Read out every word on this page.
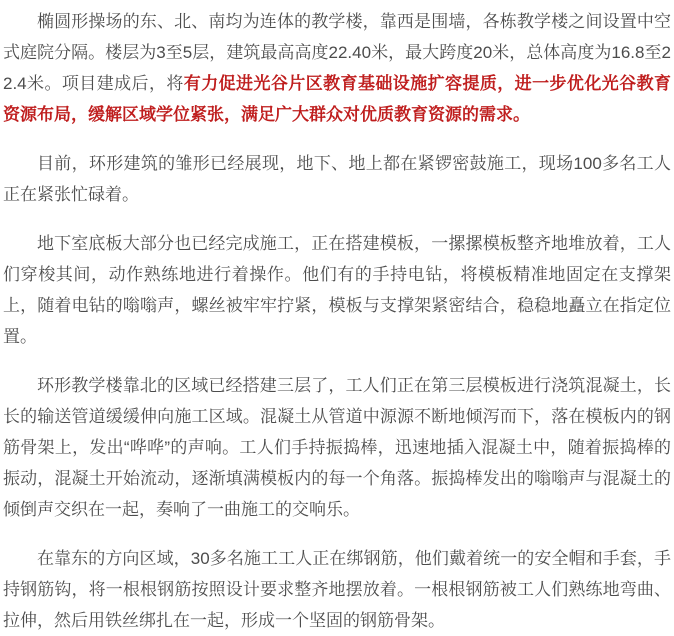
椭圆形操场的东、北、南均为连体的教学楼，靠西是围墙，各栋教学楼之间设置中空式庭院分隔。楼层为3至5层，建筑最高高度22.40米，最大跨度20米，总体高度为16.8至22.4米。项目建成后，将有力促进光谷片区教育基础设施扩容提质，进一步优化光谷教育资源布局，缓解区域学位紧张，满足广大群众对优质教育资源的需求。

目前，环形建筑的雏形已经展现，地下、地上都在紧锣密鼓施工，现场100多名工人正在紧张忙碌着。

地下室底板大部分也已经完成施工，正在搭建模板，一摞摞模板整齐地堆放着，工人们穿梭其间，动作熟练地进行着操作。他们有的手持电钻，将模板精准地固定在支撑架上，随着电钻的嗡嗡声，螺丝被牢牢拧紧，模板与支撑架紧密结合，稳稳地矗立在指定位置。

环形教学楼靠北的区域已经搭建三层了，工人们正在第三层模板进行浇筑混凝土，长长的输送管道缓缓伸向施工区域。混凝土从管道中源源不断地倾泻而下，落在模板内的钢筋骨架上，发出“哗哗”的声响。工人们手持振捣棒，迅速地插入混凝土中，随着振捣棒的振动，混凝土开始流动，逐渐填满模板内的每一个角落。振捣棒发出的嗡嗡声与混凝土的倾倒声交织在一起，奏响了一曲施工的交响乐。

在靠东的方向区域，30多名施工工人正在绑钢筋，他们戴着统一的安全帽和手套，手持钢筋钩，将一根根钢筋按照设计要求整齐地摆放着。一根根钢筋被工人们熟练地弯曲、拉伸，然后用铁丝绑扎在一起，形成一个坚固的钢筋骨架。
